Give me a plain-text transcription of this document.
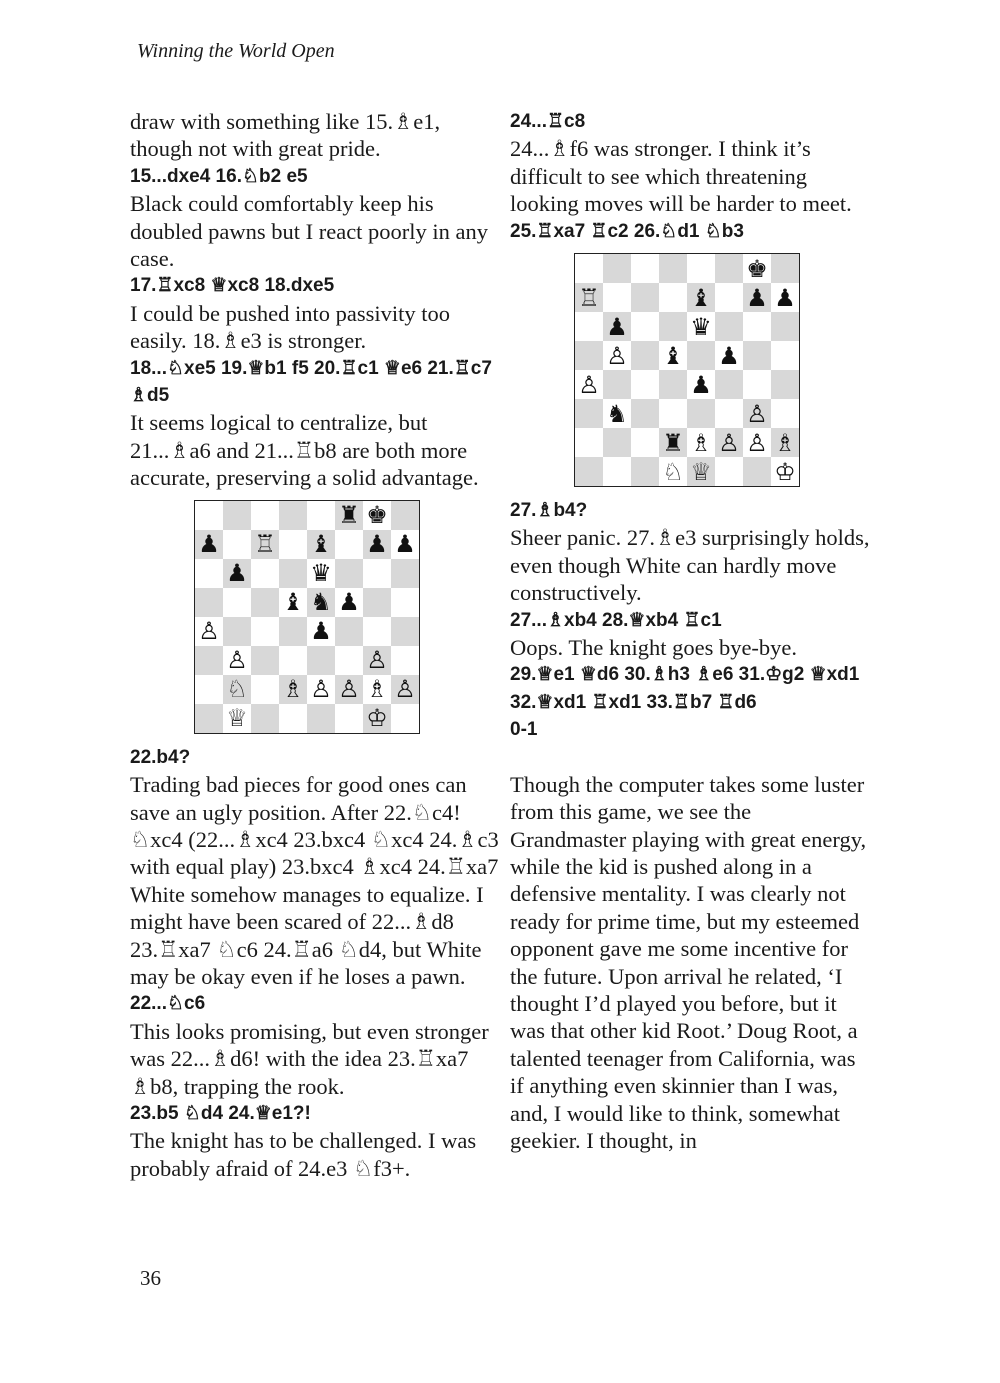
Winning the World Open

draw with something like 15.♗e1, though not with great pride.

15...dxe4 16.♘b2 e5

Black could comfortably keep his doubled pawns but I react poorly in any case.

17.♖xc8 ♕xc8 18.dxe5

I could be pushed into passivity too easily. 18.♗e3 is stronger.

18...♘xe5 19.♕b1 f5 20.♖c1 ♕e6 21.♖c7 ♗d5

It seems logical to centralize, but 21...♗a6 and 21...♖b8 are both more accurate, preserving a solid advantage.

♜ ♚
♟ ♖ ♝ ♟ ♟
♟	♛
♝ ♞ ♟
♙	♟
♙	♙
♘ ♗ ♙ ♙ ♗ ♙
♕	♔

22.b4?

Trading bad pieces for good ones can save an ugly position. After 22.♘c4! ♘xc4 (22...♗xc4 23.bxc4 ♘xc4 24.♗c3 with equal play) 23.bxc4 ♗xc4 24.♖xa7 White somehow manages to equalize. I might have been scared of 22...♗d8 23.♖xa7 ♘c6 24.♖a6 ♘d4, but White may be okay even if he loses a pawn.

22...♘c6

This looks promising, but even stronger was 22...♗d6! with the idea 23.♖xa7 ♗b8, trapping the rook.

23.b5 ♘d4 24.♕e1?!

The knight has to be challenged. I was probably afraid of 24.e3 ♘f3+.

24...♖c8

24...♗f6 was stronger. I think it’s difficult to see which threatening looking moves will be harder to meet.

25.♖xa7 ♖c2 26.♘d1 ♘b3

♚
♖	♝ ♟ ♟
♟	♛
♙ ♝ ♟
♙	♟
♞	♙
♜ ♗ ♙ ♙ ♗
♘ ♕	♔

27.♗b4?

Sheer panic. 27.♗e3 surprisingly holds, even though White can hardly move constructively.

27...♗xb4 28.♕xb4 ♖c1

Oops. The knight goes bye-bye.

29.♕e1 ♕d6 30.♗h3 ♗e6 31.♔g2 ♕xd1 32.♕xd1 ♖xd1 33.♖b7 ♖d6

0-1

Though the computer takes some luster from this game, we see the Grandmaster playing with great energy, while the kid is pushed along in a defensive mentality. I was clearly not ready for prime time, but my esteemed opponent gave me some incentive for the future. Upon arrival he related, ‘I thought I’d played you before, but it was that other kid Root.’ Doug Root, a talented teenager from California, was if anything even skinnier than I was, and, I would like to think, somewhat geekier. I thought, in

36
